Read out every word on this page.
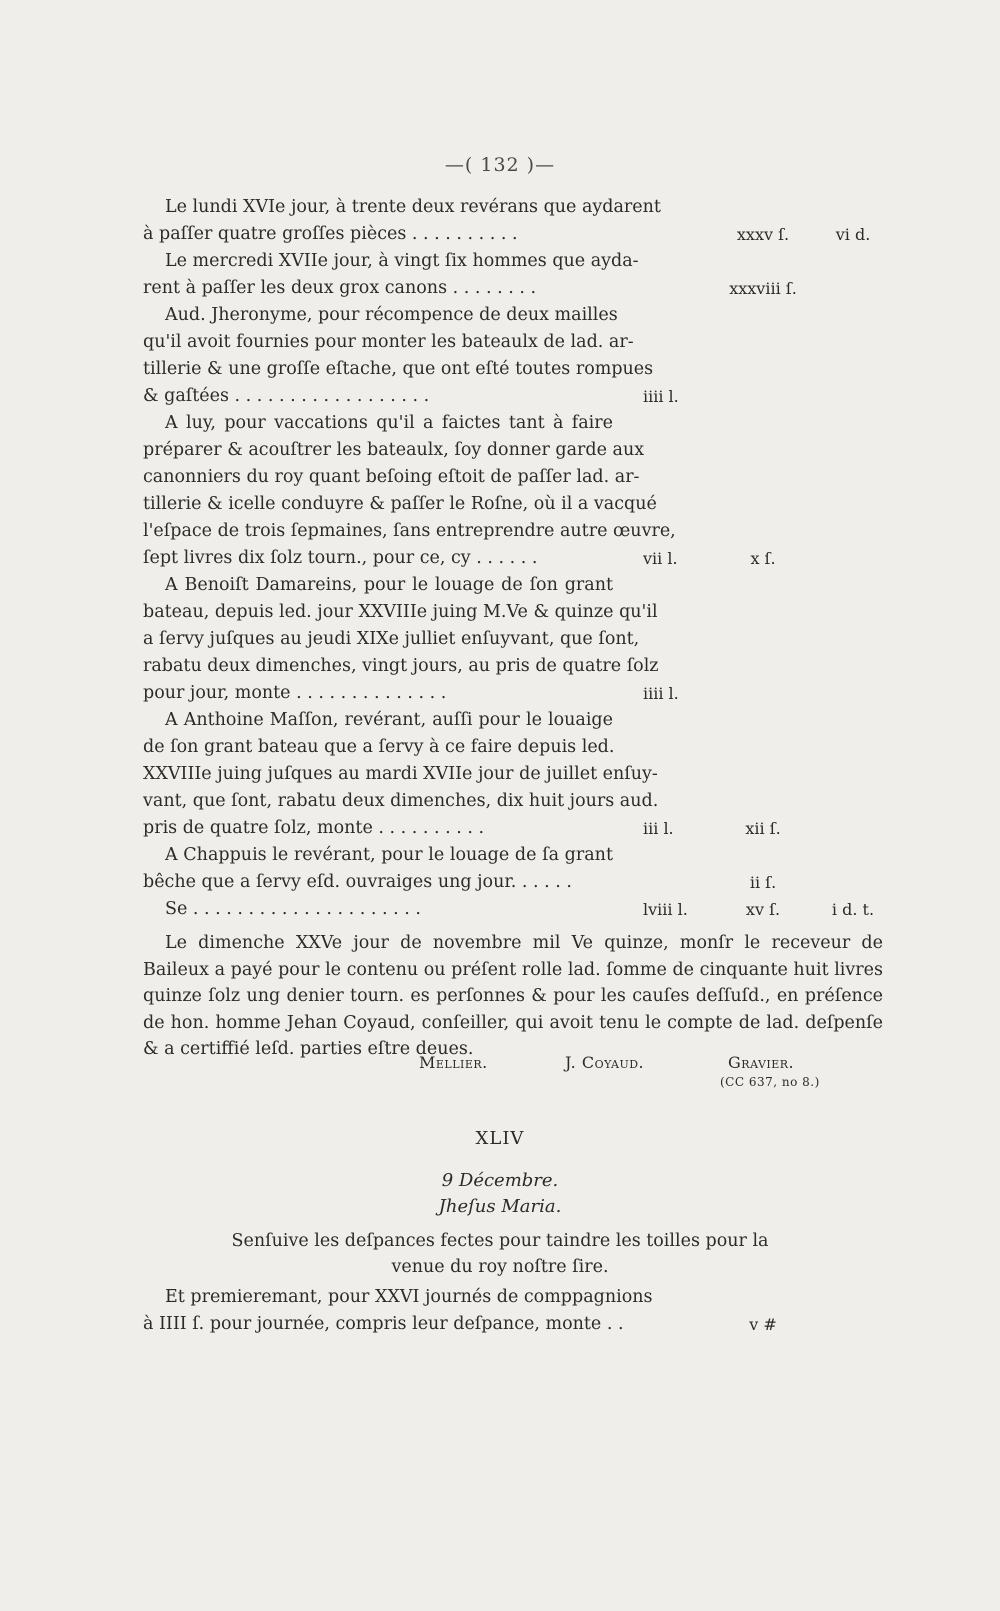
—( 132 )—
Le lundi XVIe jour, à trente deux revérans que aydarent
à paſſer quatre groſſes pièces . . . . . . . . . .	xxxv ſ.	vi d.
Le mercredi XVIIe jour, à vingt ſix hommes que ayda-
rent à paſſer les deux grox canons . . . . . . . .	xxxviii ſ.
Aud. Jheronyme, pour récompence de deux mailles
qu'il avoit fournies pour monter les bateaulx de lad. ar-
tillerie & une groſſe eſtache, que ont eſté toutes rompues
& gaſtées . . . . . . . . . . . . . . . . . .	iiii l.
A luy, pour vaccations qu'il a faictes tant à faire
préparer & acouſtrer les bateaulx, ſoy donner garde aux
canonniers du roy quant beſoing eſtoit de paſſer lad. ar-
tillerie & icelle conduyre & paſſer le Roſne, où il a vacqué
l'eſpace de trois ſepmaines, ſans entreprendre autre œuvre,
ſept livres dix ſolz tourn., pour ce, cy . . . . . .	vii l.	x ſ.
A Benoiſt Damareins, pour le louage de ſon grant
bateau, depuis led. jour XXVIIIe juing M.Ve & quinze qu'il
a ſervy juſques au jeudi XIXe julliet enſuyvant, que ſont,
rabatu deux dimenches, vingt jours, au pris de quatre ſolz
pour jour, monte . . . . . . . . . . . . . .	iiii l.
A Anthoine Maſſon, revérant, auſſi pour le louaige
de ſon grant bateau que a ſervy à ce faire depuis led.
XXVIIIe juing juſques au mardi XVIIe jour de juillet enſuy-
vant, que ſont, rabatu deux dimenches, dix huit jours aud.
pris de quatre ſolz, monte . . . . . . . . . .	iii l.	xii ſ.
A Chappuis le revérant, pour le louage de ſa grant
bêche que a ſervy eſd. ouvraiges ung jour. . . . . .	ii ſ.
Se . . . . . . . . . . . . . . . . . . . . .	lviii l.	xv ſ.	i d. t.
Le dimenche XXVe jour de novembre mil Ve quinze, monſr le receveur de Baileux a payé pour le contenu ou préſent rolle lad. ſomme de cinquante huit livres quinze ſolz ung denier tourn. es perſonnes & pour les cauſes deſſuſd., en préſence de hon. homme Jehan Coyaud, conſeiller, qui avoit tenu le compte de lad. deſpenſe & a certiffié leſd. parties eſtre deues.
Mellier.	J. Coyaud.	Gravier.
(CC 637, no 8.)
XLIV
9 Décembre.
Jheſus Maria.
Senſuive les deſpances fectes pour taindre les toilles pour la venue du roy noſtre ſire.
Et premieremant, pour XXVI journés de comppagnions
à IIII ſ. pour journée, compris leur deſpance, monte . .	v #
